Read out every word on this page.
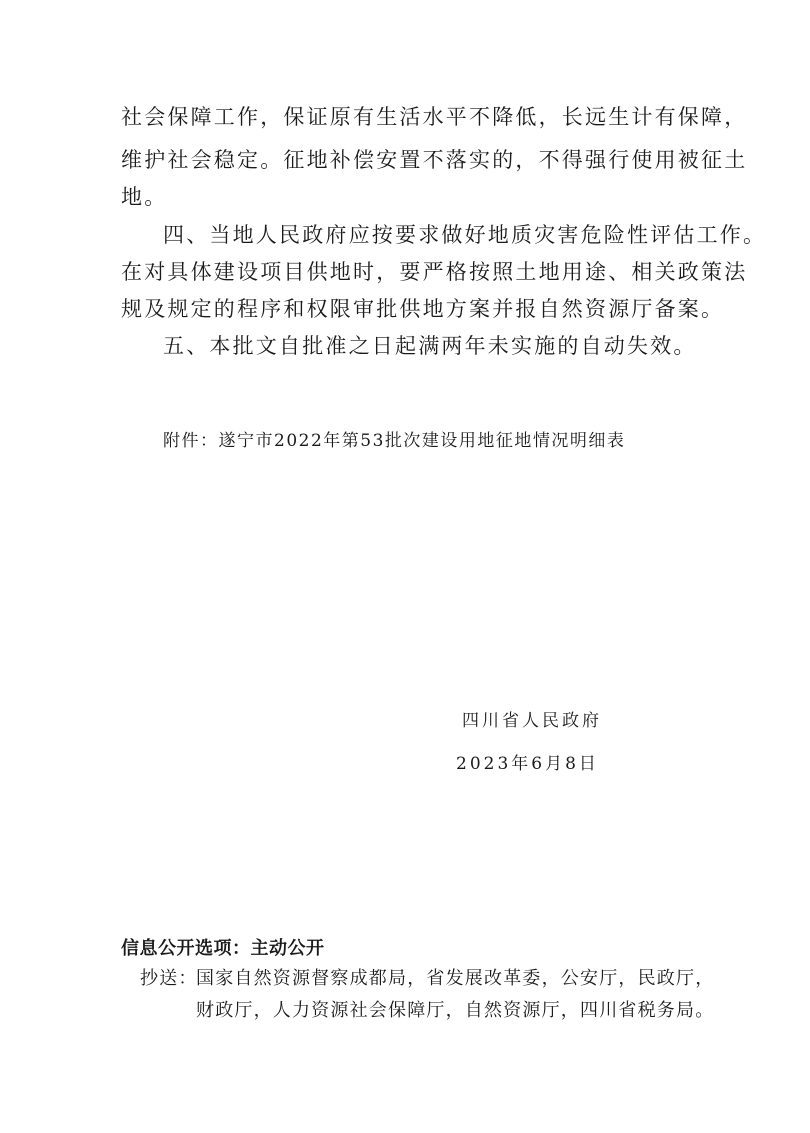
社会保障工作，保证原有生活水平不降低，长远生计有保障，
维护社会稳定。征地补偿安置不落实的，不得强行使用被征土
地。
四、当地人民政府应按要求做好地质灾害危险性评估工作。
在对具体建设项目供地时，要严格按照土地用途、相关政策法
规及规定的程序和权限审批供地方案并报自然资源厅备案。
五、本批文自批准之日起满两年未实施的自动失效。
附件：遂宁市2022年第53批次建设用地征地情况明细表
四川省人民政府
2023年6月8日
信息公开选项：主动公开
抄送：
国家自然资源督察成都局，省发展改革委，公安厅，民政厅，
财政厅，人力资源社会保障厅，自然资源厅，四川省税务局。
